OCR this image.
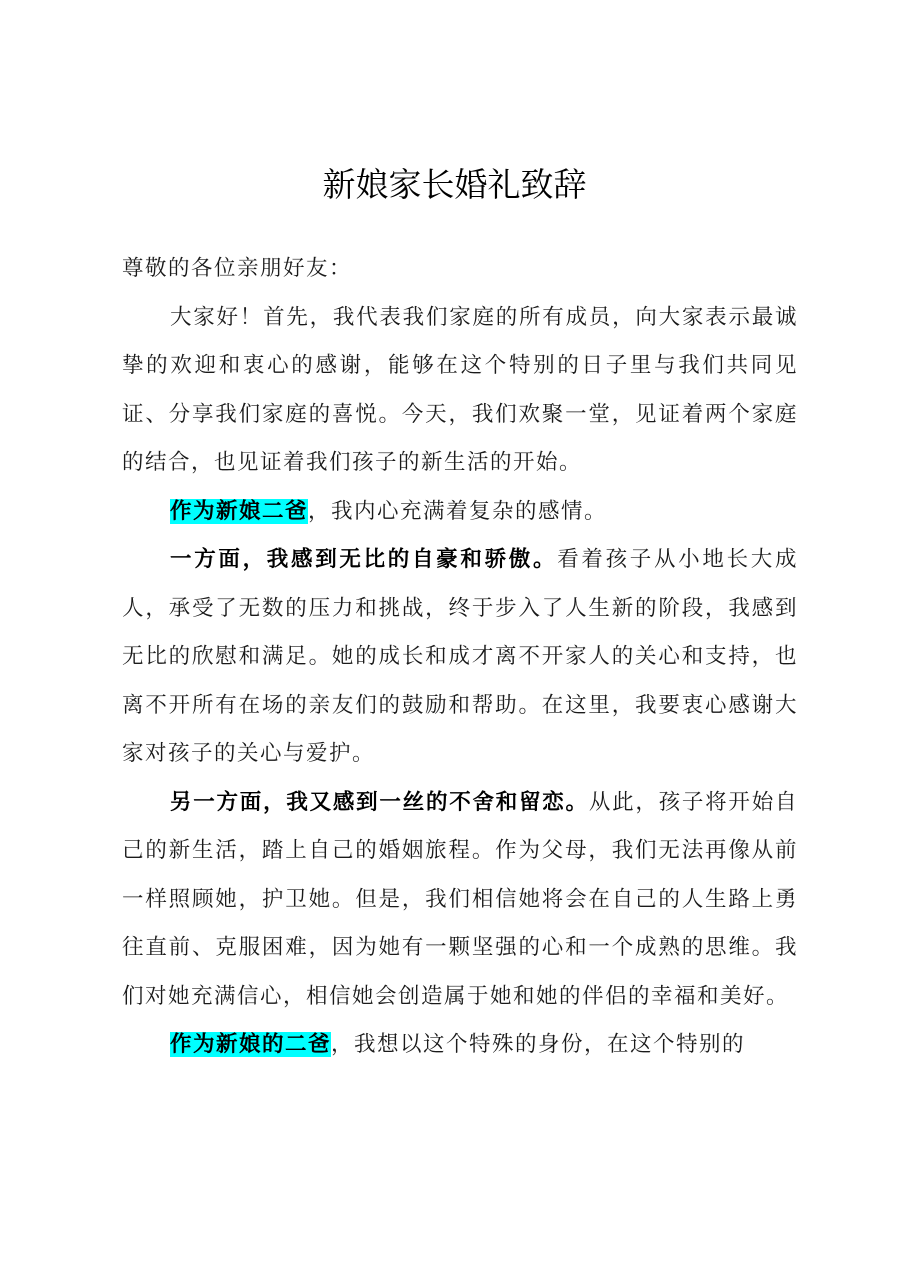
新娘家长婚礼致辞

尊敬的各位亲朋好友：

大家好！首先，我代表我们家庭的所有成员，向大家表示最诚挚的欢迎和衷心的感谢，能够在这个特别的日子里与我们共同见证、分享我们家庭的喜悦。今天，我们欢聚一堂，见证着两个家庭的结合，也见证着我们孩子的新生活的开始。

作为新娘二爸，我内心充满着复杂的感情。

一方面，我感到无比的自豪和骄傲。看着孩子从小地长大成人，承受了无数的压力和挑战，终于步入了人生新的阶段，我感到无比的欣慰和满足。她的成长和成才离不开家人的关心和支持，也离不开所有在场的亲友们的鼓励和帮助。在这里，我要衷心感谢大家对孩子的关心与爱护。

另一方面，我又感到一丝的不舍和留恋。从此，孩子将开始自己的新生活，踏上自己的婚姻旅程。作为父母，我们无法再像从前一样照顾她，护卫她。但是，我们相信她将会在自己的人生路上勇往直前、克服困难，因为她有一颗坚强的心和一个成熟的思维。我们对她充满信心，相信她会创造属于她和她的伴侣的幸福和美好。

作为新娘的二爸，我想以这个特殊的身份，在这个特别的
